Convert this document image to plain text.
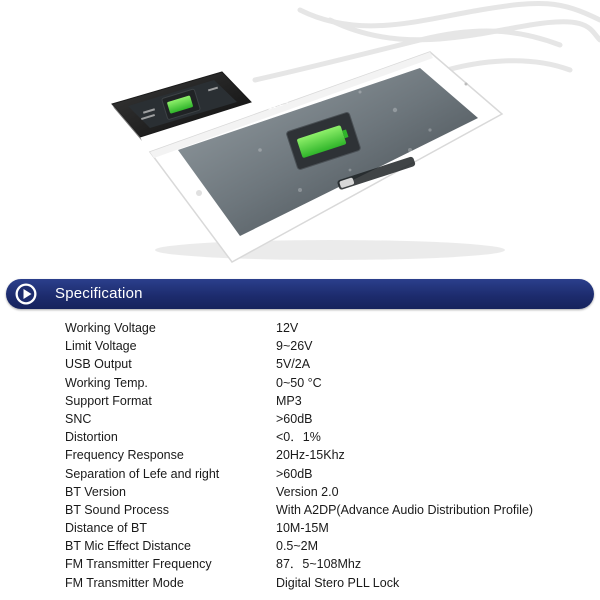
11:24
Specification
Working Voltage	12V
Limit Voltage	9~26V
USB Output	5V/2A
Working Temp.	0~50 °C
Support Format	MP3
SNC	>60dB
Distortion	<0．1%
Frequency Response	20Hz-15Khz
Separation of Lefe and right	>60dB
BT Version	Version 2.0
BT Sound Process	With A2DP(Advance Audio Distribution Profile)
Distance of BT	10M-15M
BT Mic Effect Distance	0.5~2M
FM Transmitter Frequency	87．5~108Mhz
FM Transmitter Mode	Digital Stero PLL Lock
